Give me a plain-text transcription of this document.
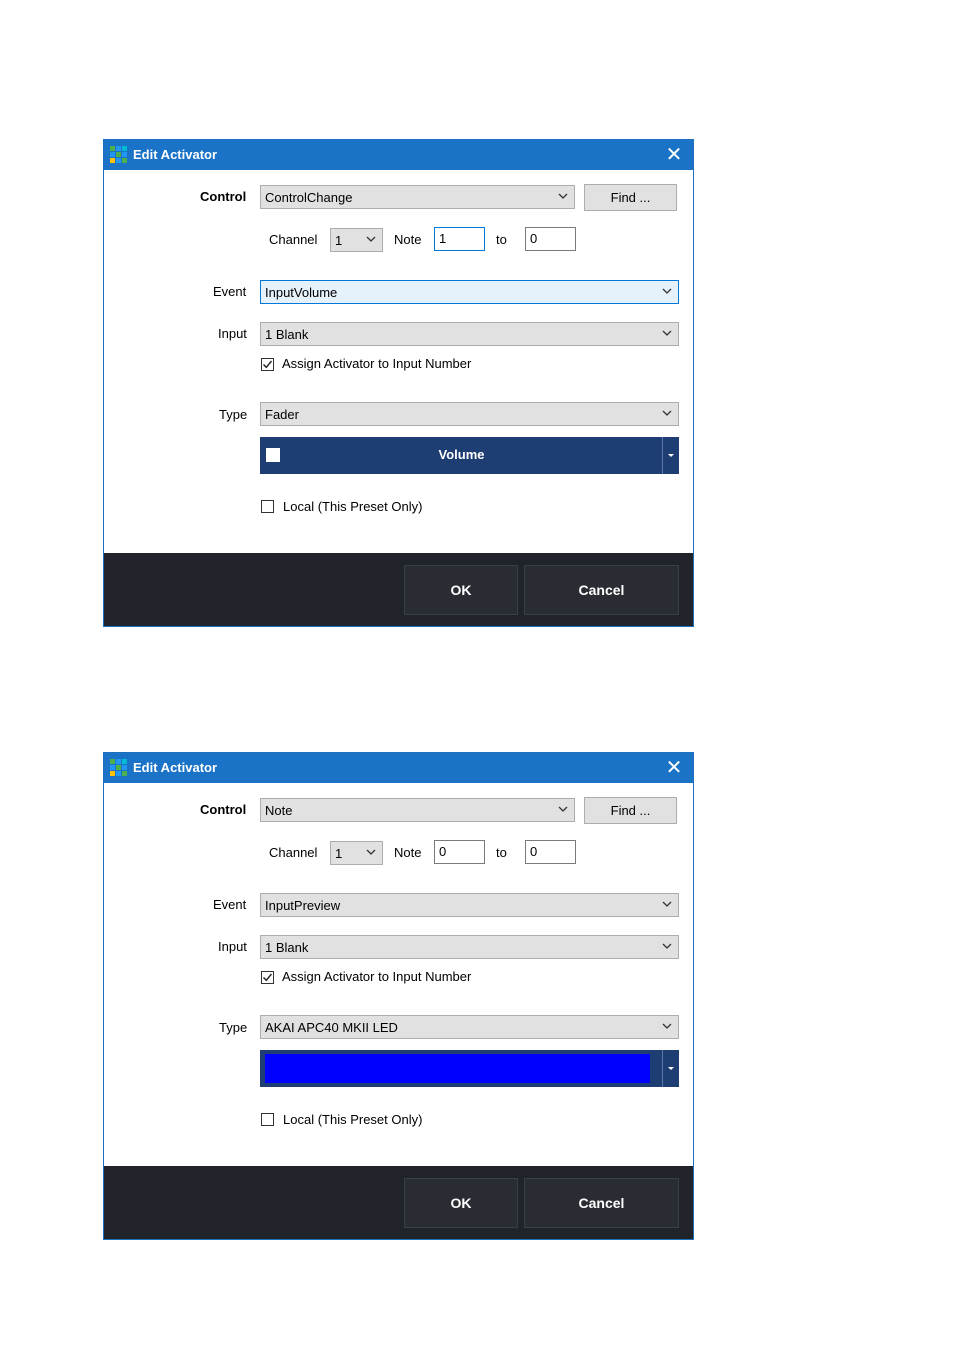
Edit Activator	✕
Control ControlChange	Find ...
Channel 1	Note 1	to 0
Event InputVolume
Input 1 Blank
Assign Activator to Input Number
Type Fader
Volume
Local (This Preset Only)
OK	Cancel
Edit Activator	✕
Control Note	Find ...
Channel 1	Note 0	to 0
Event InputPreview
Input 1 Blank
Assign Activator to Input Number
Type AKAI APC40 MKII LED
Local (This Preset Only)
OK	Cancel
